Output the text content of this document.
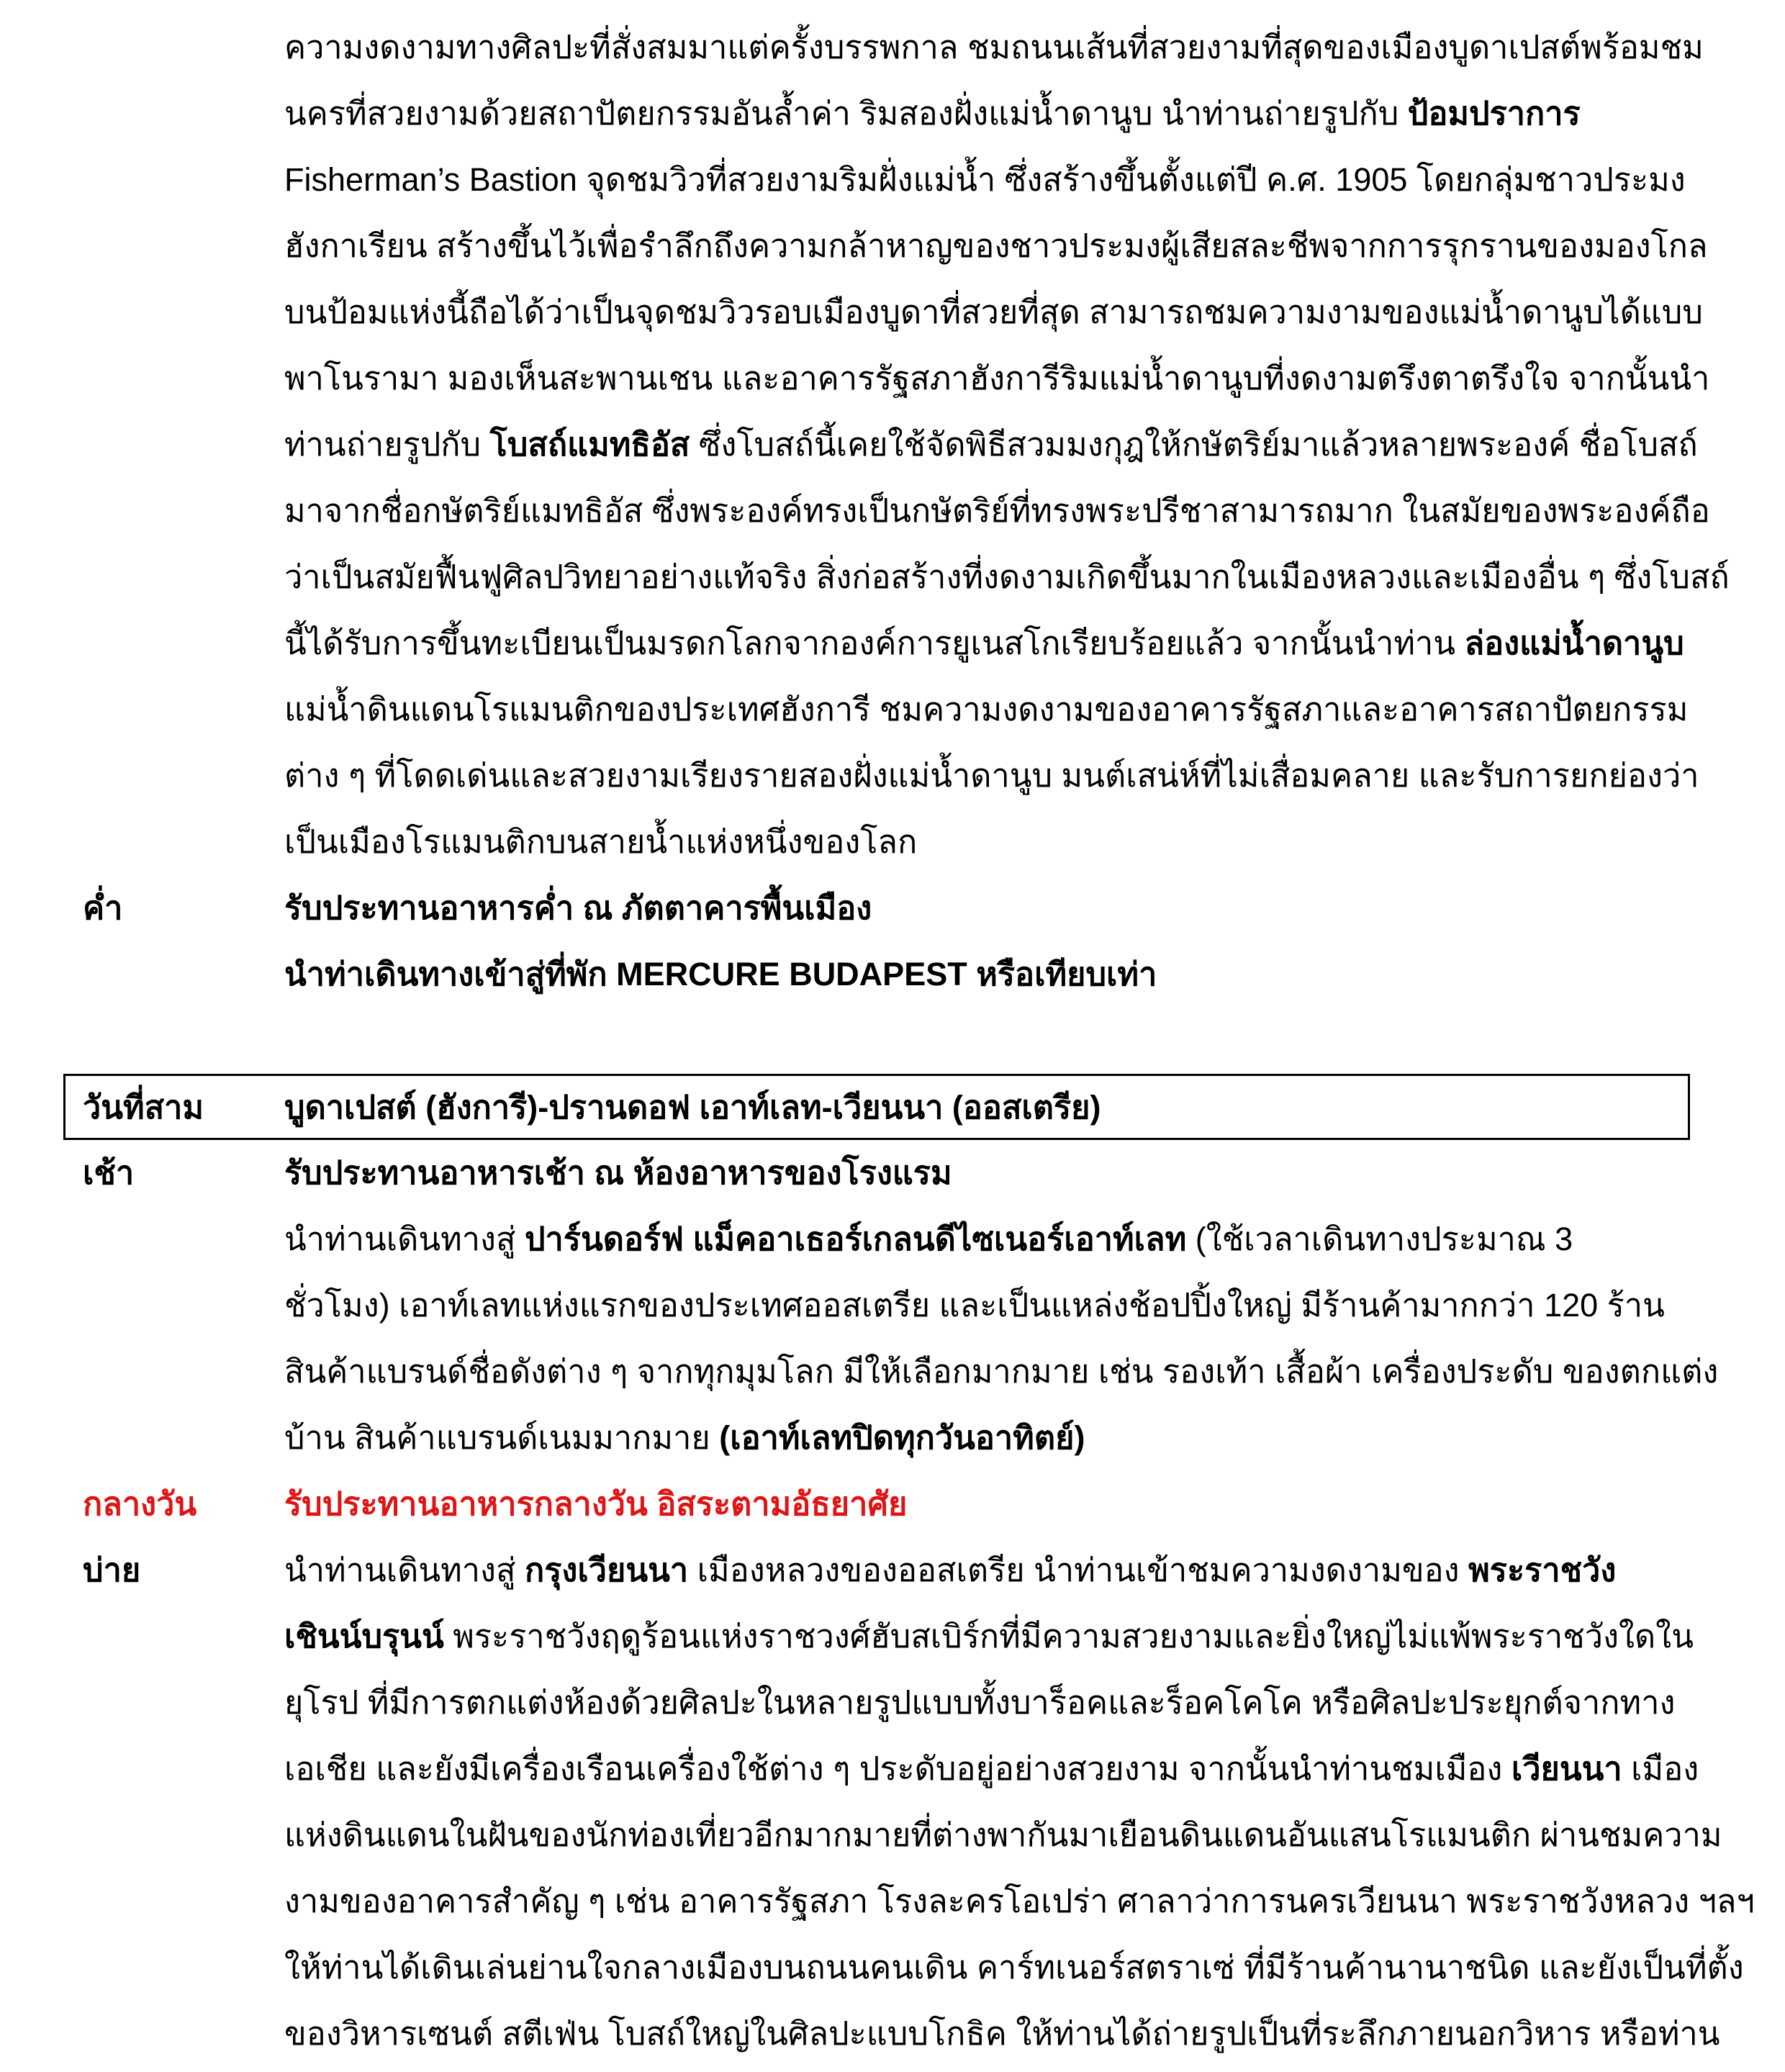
ความงดงามทางศิลปะที่สั่งสมมาแต่ครั้งบรรพกาล ชมถนนเส้นที่สวยงามที่สุดของเมืองบูดาเปสต์พร้อมชม
นครที่สวยงามด้วยสถาปัตยกรรมอันล้ำค่า ริมสองฝั่งแม่น้ำดานูบ นำท่านถ่ายรูปกับ ป้อมปราการ
Fisherman’s Bastion จุดชมวิวที่สวยงามริมฝั่งแม่น้ำ ซึ่งสร้างขึ้นตั้งแต่ปี ค.ศ. 1905 โดยกลุ่มชาวประมง
ฮังกาเรียน สร้างขึ้นไว้เพื่อรำลึกถึงความกล้าหาญของชาวประมงผู้เสียสละชีพจากการรุกรานของมองโกล
บนป้อมแห่งนี้ถือได้ว่าเป็นจุดชมวิวรอบเมืองบูดาที่สวยที่สุด สามารถชมความงามของแม่น้ำดานูบได้แบบ
พาโนรามา มองเห็นสะพานเชน และอาคารรัฐสภาฮังการีริมแม่น้ำดานูบที่งดงามตรึงตาตรึงใจ จากนั้นนำ
ท่านถ่ายรูปกับ โบสถ์แมทธิอัส ซึ่งโบสถ์นี้เคยใช้จัดพิธีสวมมงกุฎให้กษัตริย์มาแล้วหลายพระองค์ ชื่อโบสถ์
มาจากชื่อกษัตริย์แมทธิอัส ซึ่งพระองค์ทรงเป็นกษัตริย์ที่ทรงพระปรีชาสามารถมาก ในสมัยของพระองค์ถือ
ว่าเป็นสมัยฟื้นฟูศิลปวิทยาอย่างแท้จริง สิ่งก่อสร้างที่งดงามเกิดขึ้นมากในเมืองหลวงและเมืองอื่น ๆ ซึ่งโบสถ์
นี้ได้รับการขึ้นทะเบียนเป็นมรดกโลกจากองค์การยูเนสโกเรียบร้อยแล้ว จากนั้นนำท่าน ล่องแม่น้ำดานูบ
แม่น้ำดินแดนโรแมนติกของประเทศฮังการี ชมความงดงามของอาคารรัฐสภาและอาคารสถาปัตยกรรม
ต่าง ๆ ที่โดดเด่นและสวยงามเรียงรายสองฝั่งแม่น้ำดานูบ มนต์เสน่ห์ที่ไม่เสื่อมคลาย และรับการยกย่องว่า
เป็นเมืองโรแมนติกบนสายน้ำแห่งหนึ่งของโลก
ค่ำ	รับประทานอาหารค่ำ ณ ภัตตาคารพื้นเมือง
นำท่าเดินทางเข้าสู่ที่พัก MERCURE BUDAPEST หรือเทียบเท่า
วันที่สาม	บูดาเปสต์ (ฮังการี)-ปรานดอฟ เอาท์เลท-เวียนนา (ออสเตรีย)
เช้า	รับประทานอาหารเช้า ณ ห้องอาหารของโรงแรม
นำท่านเดินทางสู่ ปาร์นดอร์ฟ แม็คอาเธอร์เกลนดีไซเนอร์เอาท์เลท (ใช้เวลาเดินทางประมาณ 3
ชั่วโมง) เอาท์เลทแห่งแรกของประเทศออสเตรีย และเป็นแหล่งช้อปปิ้งใหญ่ มีร้านค้ามากกว่า 120 ร้าน
สินค้าแบรนด์ชื่อดังต่าง ๆ จากทุกมุมโลก มีให้เลือกมากมาย เช่น รองเท้า เสื้อผ้า เครื่องประดับ ของตกแต่ง
บ้าน สินค้าแบรนด์เนมมากมาย (เอาท์เลทปิดทุกวันอาทิตย์)
กลางวัน	รับประทานอาหารกลางวัน อิสระตามอัธยาศัย
บ่าย	นำท่านเดินทางสู่ กรุงเวียนนา เมืองหลวงของออสเตรีย นำท่านเข้าชมความงดงามของ พระราชวัง
เชินน์บรุนน์ พระราชวังฤดูร้อนแห่งราชวงศ์ฮับสเบิร์กที่มีความสวยงามและยิ่งใหญ่ไม่แพ้พระราชวังใดใน
ยุโรป ที่มีการตกแต่งห้องด้วยศิลปะในหลายรูปแบบทั้งบาร็อคและร็อคโคโค หรือศิลปะประยุกต์จากทาง
เอเชีย และยังมีเครื่องเรือนเครื่องใช้ต่าง ๆ ประดับอยู่อย่างสวยงาม จากนั้นนำท่านชมเมือง เวียนนา เมือง
แห่งดินแดนในฝันของนักท่องเที่ยวอีกมากมายที่ต่างพากันมาเยือนดินแดนอันแสนโรแมนติก ผ่านชมความ
งามของอาคารสำคัญ ๆ เช่น อาคารรัฐสภา โรงละครโอเปร่า ศาลาว่าการนครเวียนนา พระราชวังหลวง ฯลฯ
ให้ท่านได้เดินเล่นย่านใจกลางเมืองบนถนนคนเดิน คาร์ทเนอร์สตราเซ่ ที่มีร้านค้านานาชนิด และยังเป็นที่ตั้ง
ของวิหารเซนต์ สตีเฟ่น โบสถ์ใหญ่ในศิลปะแบบโกธิค ให้ท่านได้ถ่ายรูปเป็นที่ระลึกภายนอกวิหาร หรือท่าน
